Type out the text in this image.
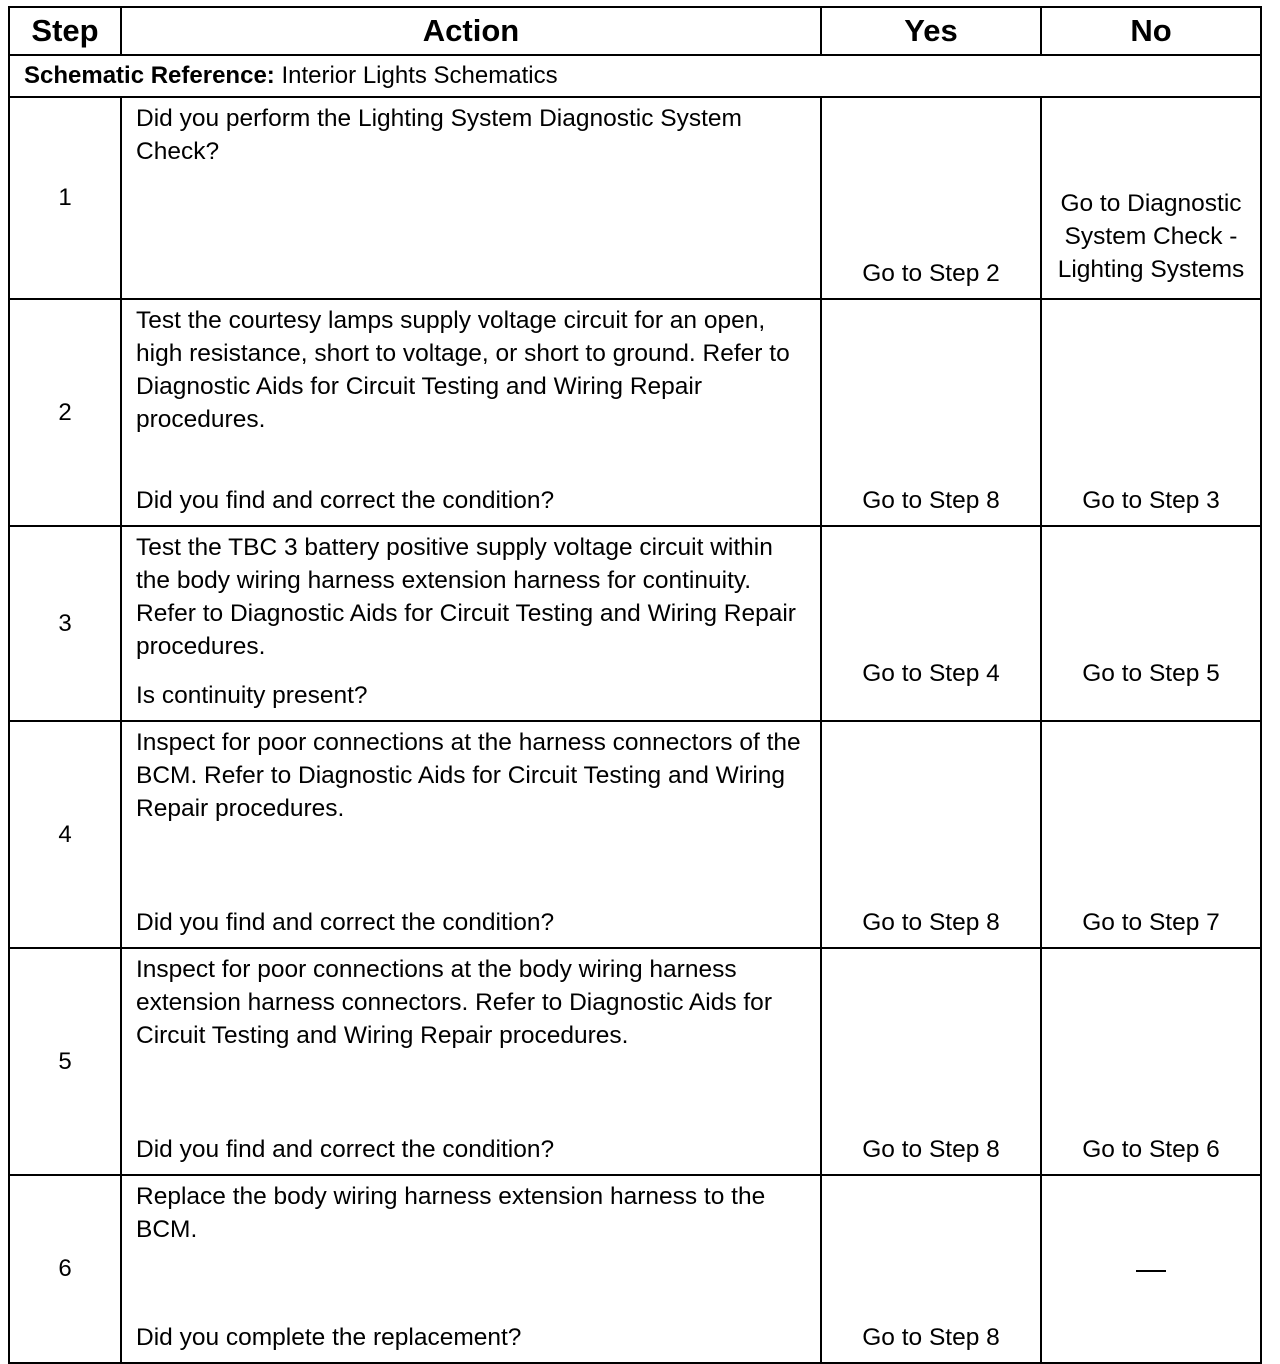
Step	Action	Yes	No
Schematic Reference: Interior Lights Schematics			
1	Did you perform the Lighting System Diagnostic System Check?	Go to Step 2	Go to Diagnostic System Check - Lighting Systems

2	Test the courtesy lamps supply voltage circuit for an open, high resistance, short to voltage, or short to ground. Refer to Diagnostic Aids for Circuit Testing and Wiring Repair procedures.
Did you find and correct the condition?	Go to Step 8	Go to Step 3

3	Test the TBC 3 battery positive supply voltage circuit within the body wiring harness extension harness for continuity. Refer to Diagnostic Aids for Circuit Testing and Wiring Repair procedures.
Is continuity present?	Go to Step 4	Go to Step 5

4	Inspect for poor connections at the harness connectors of the BCM. Refer to Diagnostic Aids for Circuit Testing and Wiring Repair procedures.
Did you find and correct the condition?	Go to Step 8	Go to Step 7

5	Inspect for poor connections at the body wiring harness extension harness connectors. Refer to Diagnostic Aids for Circuit Testing and Wiring Repair procedures.
Did you find and correct the condition?	Go to Step 8	Go to Step 6

6	Replace the body wiring harness extension harness to the BCM.
Did you complete the replacement?	Go to Step 8	—
